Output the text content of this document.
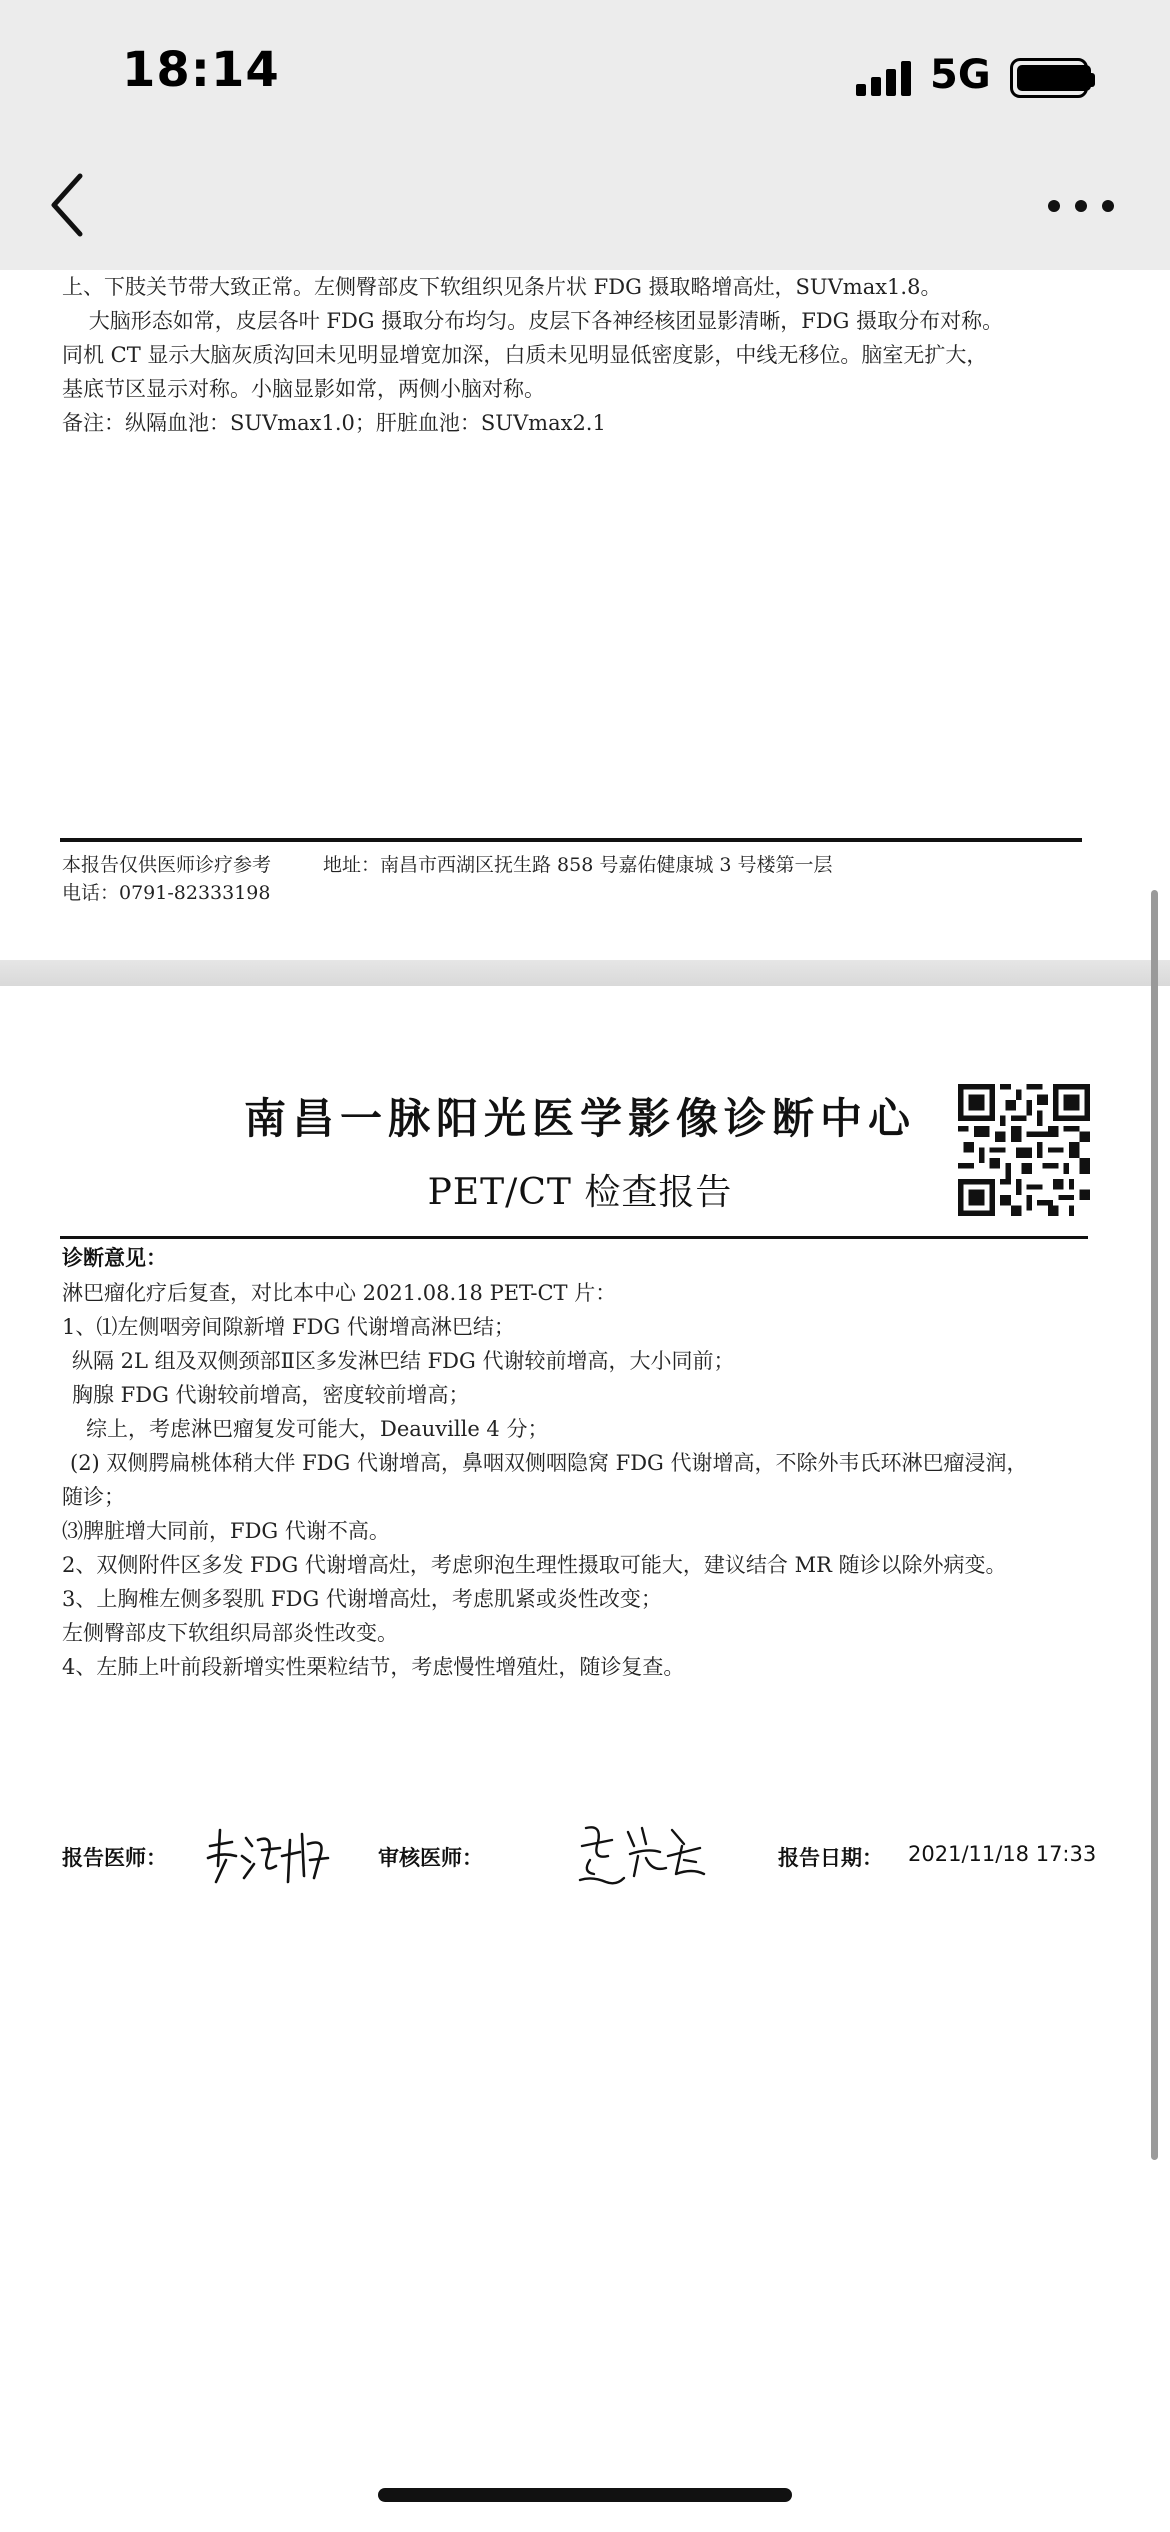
18:14	5G

上、下肢关节带大致正常。左侧臀部皮下软组织见条片状 FDG 摄取略增高灶，SUVmax1.8。

大脑形态如常，皮层各叶 FDG 摄取分布均匀。皮层下各神经核团显影清晰，FDG 摄取分布对称。

同机 CT 显示大脑灰质沟回未见明显增宽加深，白质未见明显低密度影，中线无移位。脑室无扩大，

基底节区显示对称。小脑显影如常，两侧小脑对称。

备注：纵隔血池：SUVmax1.0；肝脏血池：SUVmax2.1

本报告仅供医师诊疗参考	地址：南昌市西湖区抚生路 858 号嘉佑健康城 3 号楼第一层
电话：0791-82333198
南昌一脉阳光医学影像诊断中心
PET/CT 检查报告
诊断意见：

淋巴瘤化疗后复查，对比本中心 2021.08.18 PET-CT 片：

1、⑴左侧咽旁间隙新增 FDG 代谢增高淋巴结；

纵隔 2L 组及双侧颈部Ⅱ区多发淋巴结 FDG 代谢较前增高，大小同前；

胸腺 FDG 代谢较前增高，密度较前增高；

综上，考虑淋巴瘤复发可能大，Deauville 4 分；

(2) 双侧腭扁桃体稍大伴 FDG 代谢增高，鼻咽双侧咽隐窝 FDG 代谢增高，不除外韦氏环淋巴瘤浸润，

随诊；

⑶脾脏增大同前，FDG 代谢不高。

2、双侧附件区多发 FDG 代谢增高灶，考虑卵泡生理性摄取可能大，建议结合 MR 随诊以除外病变。

3、上胸椎左侧多裂肌 FDG 代谢增高灶，考虑肌紧或炎性改变；

左侧臀部皮下软组织局部炎性改变。

4、左肺上叶前段新增实性栗粒结节，考虑慢性增殖灶，随诊复查。

报告医师：	审核医师：	报告日期： 2021/11/18 17:33
